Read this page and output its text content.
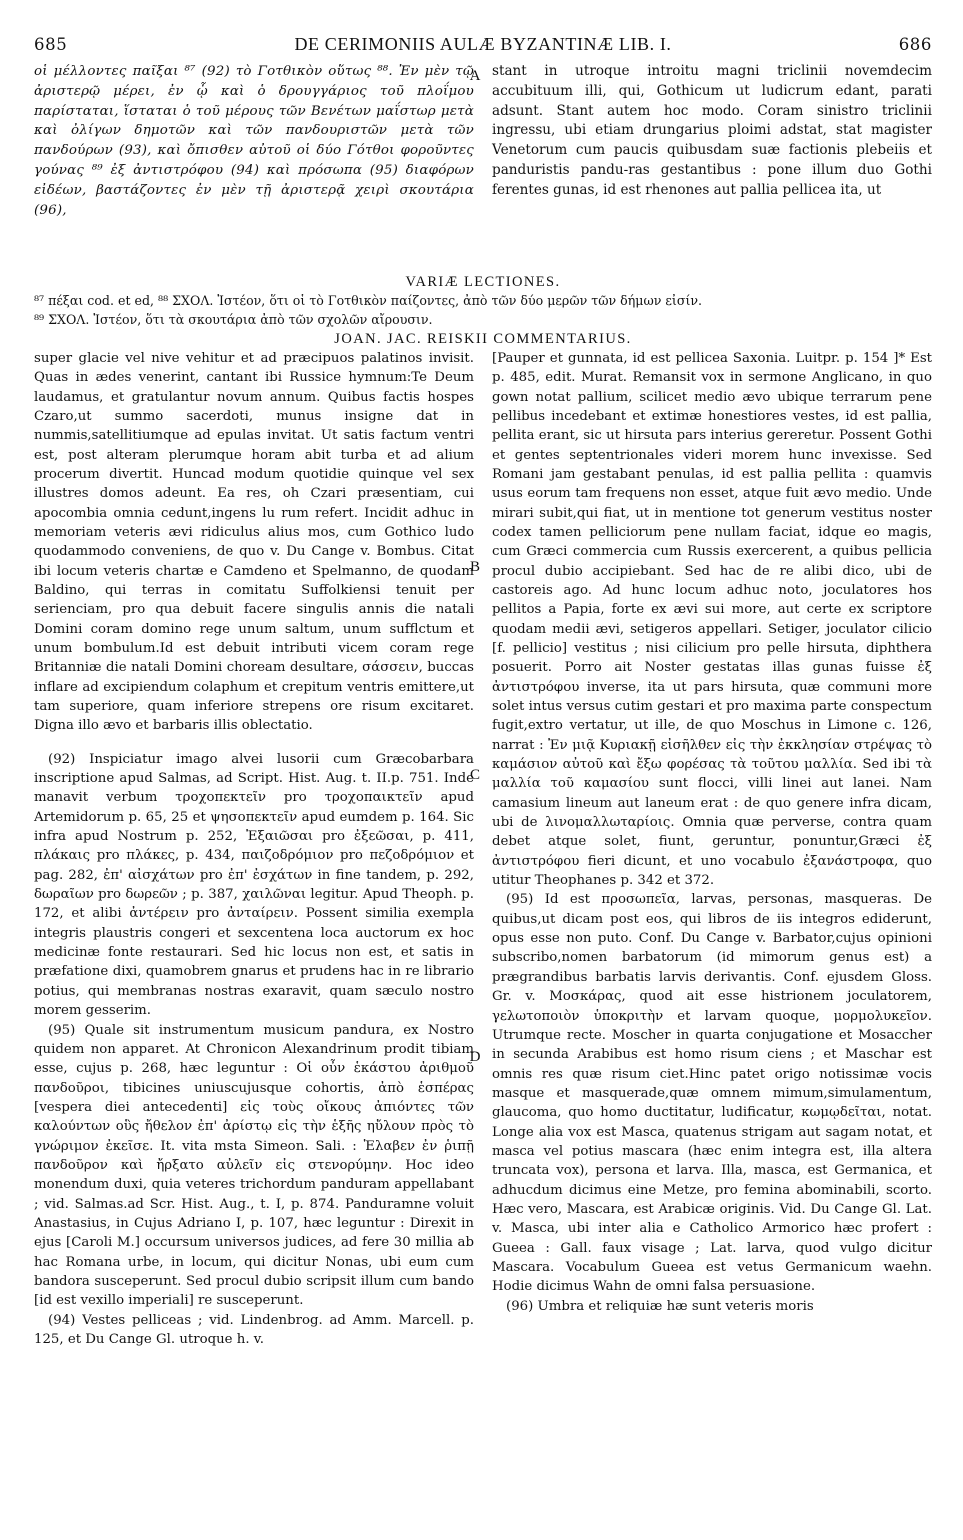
685	DE CERIMONIIS AULÆ BYZANTINÆ LIB. I.	686

οἱ μέλλοντες παῖξαι ⁸⁷ (92) τὸ Γοτθικὸν οὕτως ⁸⁸. Ἐν μὲν τῷ ἀριστερῷ μέρει, ἐν ᾧ καὶ ὁ δρουγγάριος τοῦ πλοΐμου παρίσταται, ἵσταται ὁ τοῦ μέρους τῶν Βενέτων μαΐστωρ μετὰ καὶ ὀλίγων δημοτῶν καὶ τῶν πανδουριστῶν μετὰ τῶν πανδούρων (93), καὶ ὄπισθεν αὐτοῦ οἱ δύο Γότθοι φοροῦντες γούνας ⁸⁹ ἐξ ἀντιστρόφου (94) καὶ πρόσωπα (95) διαφόρων εἰδέων, βαστάζοντες ἐν μὲν τῇ ἀριστερᾷ χειρὶ σκουτάρια (96),

A stant in utroque introitu magni triclinii novemdecim accubituum illi, qui, Gothicum ut ludicrum edant, parati adsunt. Stant autem hoc modo. Coram sinistro triclinii ingressu, ubi etiam drungarius ploimi adstat, stat magister Venetorum cum paucis quibusdam suæ factionis plebeiis et panduristis pandu-ras gestantibus : pone illum duo Gothi ferentes gunas, id est rhenones aut pallia pellicea ita, ut

VARIÆ LECTIONES.

⁸⁷ πέξαι cod. et ed, ⁸⁸ ΣΧΟΛ. Ἰστέον, ὅτι οἱ τὸ Γοτθικὸν παίζοντες, ἀπὸ τῶν δύο μερῶν τῶν δήμων εἰσίν.

⁸⁹ ΣΧΟΛ. Ἰστέον, ὅτι τὰ σκουτάρια ἀπὸ τῶν σχολῶν αἴρουσιν.

JOAN. JAC. REISKII COMMENTARIUS.

super glacie vel nive vehitur et ad præcipuos palatinos invisit. Quas in ædes venerint, cantant ibi Russice hymnum:Te Deum laudamus, et gratulantur novum annum. Quibus factis hospes Czaro,ut summo sacerdoti, munus insigne dat in nummis,satellitiumque ad epulas invitat. Ut satis factum ventri est, post alteram plerumque horam abit turba et ad alium procerum divertit. Huncad modum quotidie quinque vel sex illustres domos adeunt. Ea res, oh Czari præsentiam, cui apocombia omnia cedunt,ingens lu rum refert. Incidit adhuc in memoriam veteris ævi ridiculus alius mos, cum Gothico ludo quodammodo conveniens, de quo v. Du Cange v. Bombus. Citat ibi locum veteris chartæ e Camdeno et Spelmanno, de quodam Baldino, qui terras in comitatu Suffolkiensi tenuit per serienciam, pro qua debuit facere singulis annis die natali Domini coram domino rege unum saltum, unum sufflctum et unum bombulum.Id est debuit intributi vicem coram rege Britanniæ die natali Domini choream desultare, σάσσειν, buccas inflare ad excipiendum colaphum et crepitum ventris emittere,ut tam superiore, quam inferiore strepens ore risum excitaret. Digna illo ævo et barbaris illis oblectatio.

(92) Inspiciatur imago alvei lusorii cum Græcobarbara inscriptione apud Salmas, ad Script. Hist. Aug. t. II.p. 751. Inde manavit verbum τροχοπεκτεῖν pro τροχοπαικτεῖν apud Artemidorum p. 65, 25 et ψησοπεκτεῖν apud eumdem p. 164. Sic infra apud Nostrum p. 252, Ἐξαιῶσαι pro ἐξεῶσαι, p. 411, πλάκαις pro πλάκες, p. 434, παιζοδρόμιον pro πεζοδρόμιον et pag. 282, ἐπ' αἰσχάτων pro ἐπ' ἐσχάτων in fine tandem, p. 292, δωραῖων pro δωρεῶν ; p. 387, χαιλῶναι legitur. Apud Theoph. p. 172, et alibi ἀντέρειν pro ἀνταίρειν. Possent similia exempla integris plaustris congeri et sexcentena loca auctorum ex hoc medicinæ fonte restaurari. Sed hic locus non est, et satis in præfatione dixi, quamobrem gnarus et prudens hac in re librario potius, qui membranas nostras exaravit, quam sæculo nostro morem gesserim.

(95) Quale sit instrumentum musicum pandura, ex Nostro quidem non apparet. At Chronicon Alexandrinum prodit tibiam esse, cujus p. 268, hæc leguntur : Οἱ οὖν ἑκάστου ἀριθμοῦ πανδοῦροι, tibicines uniuscujusque cohortis, ἀπὸ ἑσπέρας [vespera diei antecedenti] εἰς τοὺς οἴκους ἀπιόντες τῶν καλούντων οὓς ἤθελον ἐπ' ἀρίστῳ εἰς τὴν ἑξῆς ηὔλουν πρὸς τὸ γνώριμον ἐκεῖσε. It. vita msta Simeon. Sali. : Ἐλαβεν ἐν ῥιπῇ πανδοῦρον καὶ ἤρξατο αὐλεῖν εἰς στενορύμην. Hoc ideo monendum duxi, quia veteres trichordum panduram appellabant ; vid. Salmas.ad Scr. Hist. Aug., t. I, p. 874. Panduramne voluit Anastasius, in Cujus Adriano I, p. 107, hæc leguntur : Direxit in ejus [Caroli M.] occursum universos judices, ad fere 30 millia ab hac Romana urbe, in locum, qui dicitur Nonas, ubi eum cum bandora susceperunt. Sed procul dubio scripsit illum cum bando [id est vexillo imperiali] re susceperunt.

(94) Vestes pelliceas ; vid. Lindenbrog. ad Amm. Marcell. p. 125, et Du Cange Gl. utroque h. v.

B
C
D

[Pauper et gunnata, id est pellicea Saxonia. Luitpr. p. 154 ]* Est p. 485, edit. Murat. Remansit vox in sermone Anglicano, in quo gown notat pallium, scilicet medio ævo ubique terrarum pene pellibus incedebant et extimæ honestiores vestes, id est pallia, pellita erant, sic ut hirsuta pars interius gereretur. Possent Gothi et gentes septentrionales videri morem hunc invexisse. Sed Romani jam gestabant penulas, id est pallia pellita : quamvis usus eorum tam frequens non esset, atque fuit ævo medio. Unde mirari subit,qui fiat, ut in mentione tot generum vestitus noster codex tamen pelliciorum pene nullam faciat, idque eo magis, cum Græci commercia cum Russis exercerent, a quibus pellicia procul dubio accipiebant. Sed hac de re alibi dico, ubi de castoreis ago. Ad hunc locum adhuc noto, joculatores hos pellitos a Papia, forte ex ævi sui more, aut certe ex scriptore quodam medii ævi, setigeros appellari. Setiger, joculator cilicio [f. pellicio] vestitus ; nisi cilicium pro pelle hirsuta, diphthera posuerit. Porro ait Noster gestatas illas gunas fuisse ἐξ ἀντιστρόφου inverse, ita ut pars hirsuta, quæ communi more solet intus versus cutim gestari et pro maxima parte conspectum fugit,extro vertatur, ut ille, de quo Moschus in Limone c. 126, narrat : Ἐν μιᾷ Κυριακῇ εἰσῆλθεν εἰς τὴν ἐκκλησίαν στρέψας τὸ καμάσιον αὐτοῦ καὶ ἔξω φορέσας τὰ τοῦτου μαλλία. Sed ibi τὰ μαλλία τοῦ καμασίου sunt flocci, villi linei aut lanei. Nam camasium lineum aut laneum erat : de quo genere infra dicam, ubi de λινομαλλωταρίοις. Omnia quæ perverse, contra quam debet atque solet, fiunt, geruntur, ponuntur,Græci ἐξ ἀντιστρόφου fieri dicunt, et uno vocabulo ἐξανάστροφα, quo utitur Theophanes p. 342 et 372.

(95) Id est προσωπεῖα, larvas, personas, masqueras. De quibus,ut dicam post eos, qui libros de iis integros ediderunt, opus esse non puto. Conf. Du Cange v. Barbator,cujus opinioni subscribo,nomen barbatorum (id mimorum genus est) a prægrandibus barbatis larvis derivantis. Conf. ejusdem Gloss. Gr. v. Μοσκάρας, quod ait esse histrionem joculatorem, γελωτοποιὸν ὑποκριτὴν et larvam quoque, μορμολυκεῖον. Utrumque recte. Moscher in quarta conjugatione et Mosaccher in secunda Arabibus est homo risum ciens ; et Maschar est omnis res quæ risum ciet.Hinc patet origo notissimæ vocis masque et masquerade,quæ omnem mimum,simulamentum, glaucoma, quo homo ductitatur, ludificatur, κωμῳδεῖται, notat. Longe alia vox est Masca, quatenus strigam aut sagam notat, et masca vel potius mascara (hæc enim integra est, illa altera truncata vox), persona et larva. Illa, masca, est Germanica, et adhucdum dicimus eine Metze, pro femina abominabili, scorto. Hæc vero, Mascara, est Arabicæ originis. Vid. Du Cange Gl. Lat. v. Masca, ubi inter alia e Catholico Armorico hæc profert : Gueea : Gall. faux visage ; Lat. larva, quod vulgo dicitur Mascara. Vocabulum Gueea est vetus Germanicum waehn. Hodie dicimus Wahn de omni falsa persuasione.

(96) Umbra et reliquiæ hæ sunt veteris moris
